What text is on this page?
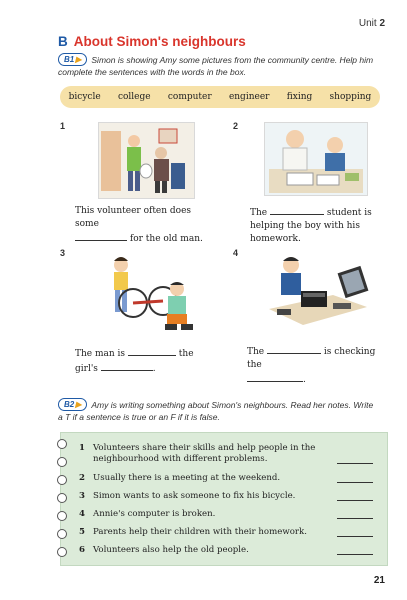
Unit 2
B About Simon's neighbours
B1▶ Simon is showing Amy some pictures from the community centre. Help him complete the sentences with the words in the box.
bicycle college computer engineer fixing shopping
1
This volunteer often does some
for the old man.
2
The	student is helping the boy with his homework.
3
The man is	the
girl's	.
4
The	is checking the
.
B2▶ Amy is writing something about Simon's neighbours. Read her notes. Write a T if a sentence is true or an F if it is false.
1 Volunteers share their skills and help people in the neighbourhood with different problems.
2 Usually there is a meeting at the weekend.
3 Simon wants to ask someone to fix his bicycle.
4 Annie's computer is broken.
5 Parents help their children with their homework.
6 Volunteers also help the old people.
21
